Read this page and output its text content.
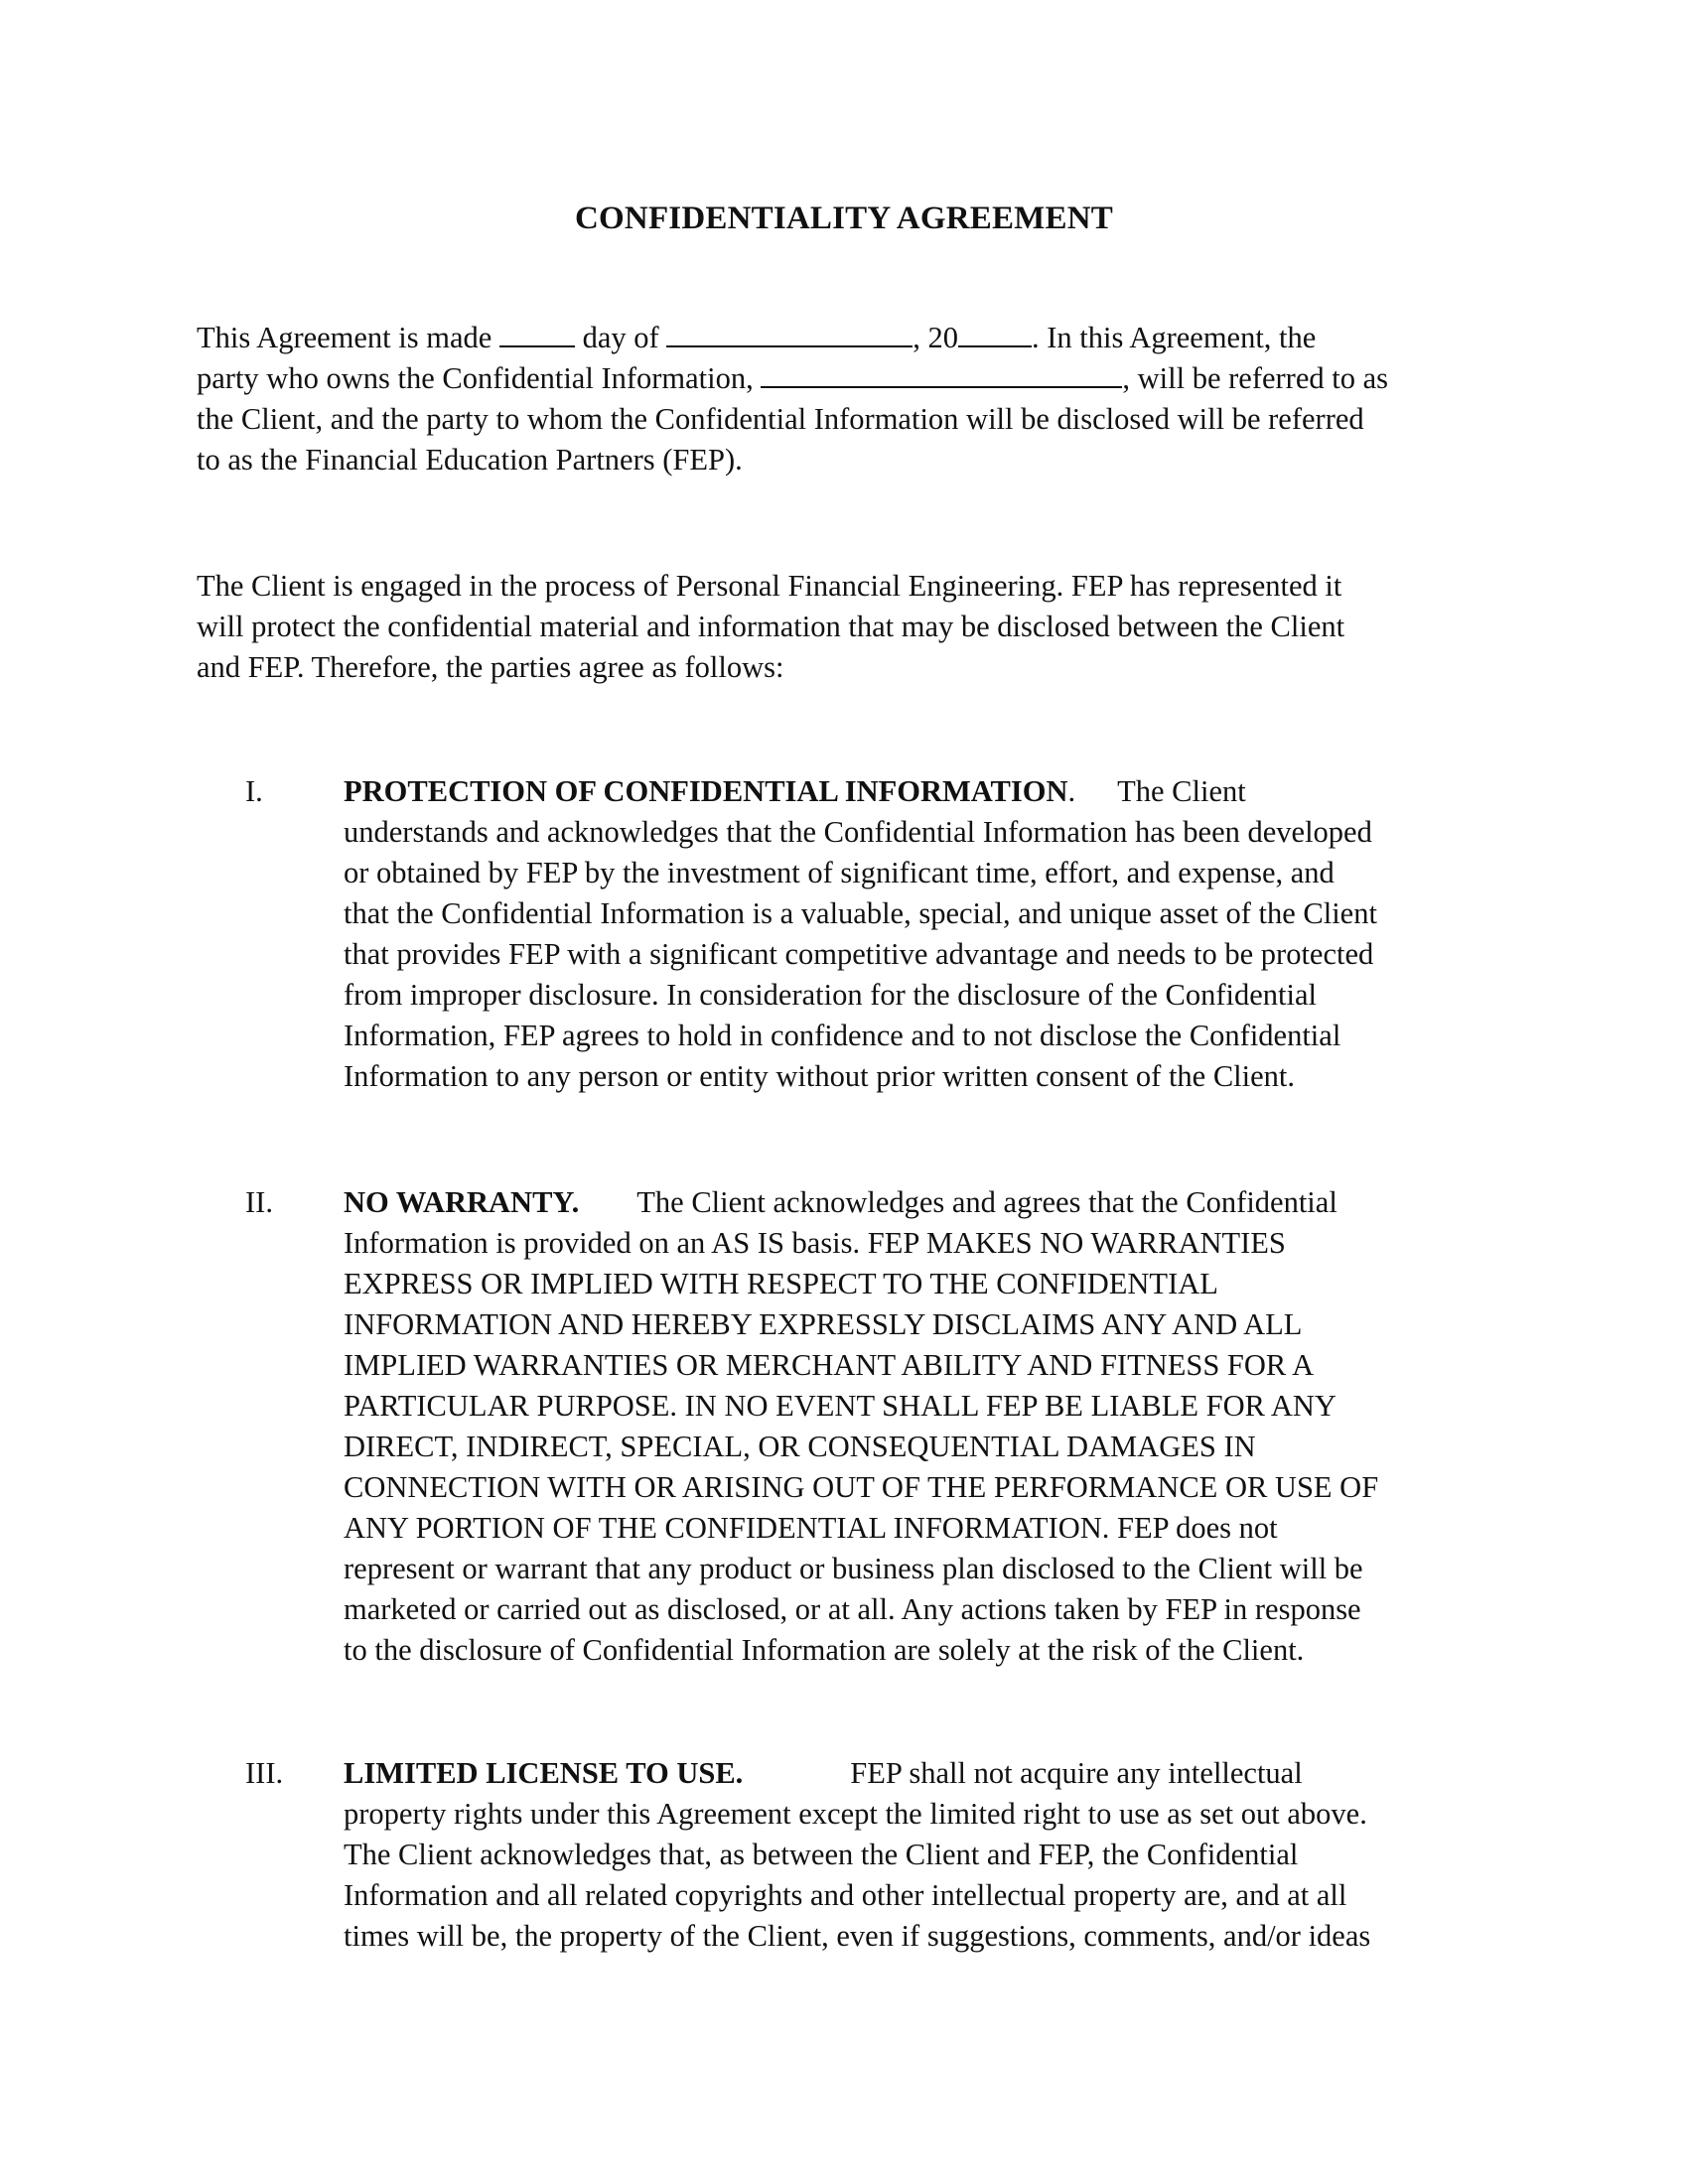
CONFIDENTIALITY AGREEMENT
This Agreement is made	day of	, 20 . In this Agreement, the
party who owns the Confidential Information,	, will be referred to as
the Client, and the party to whom the Confidential Information will be disclosed will be referred
to as the Financial Education Partners (FEP).
The Client is engaged in the process of Personal Financial Engineering. FEP has represented it
will protect the confidential material and information that may be disclosed between the Client
and FEP. Therefore, the parties agree as follows:
I.	PROTECTION OF CONFIDENTIAL INFORMATION. The Client
understands and acknowledges that the Confidential Information has been developed
or obtained by FEP by the investment of significant time, effort, and expense, and
that the Confidential Information is a valuable, special, and unique asset of the Client
that provides FEP with a significant competitive advantage and needs to be protected
from improper disclosure. In consideration for the disclosure of the Confidential
Information, FEP agrees to hold in confidence and to not disclose the Confidential
Information to any person or entity without prior written consent of the Client.
II. NO WARRANTY. The Client acknowledges and agrees that the Confidential
Information is provided on an AS IS basis. FEP MAKES NO WARRANTIES
EXPRESS OR IMPLIED WITH RESPECT TO THE CONFIDENTIAL
INFORMATION AND HEREBY EXPRESSLY DISCLAIMS ANY AND ALL
IMPLIED WARRANTIES OR MERCHANT ABILITY AND FITNESS FOR A
PARTICULAR PURPOSE. IN NO EVENT SHALL FEP BE LIABLE FOR ANY
DIRECT, INDIRECT, SPECIAL, OR CONSEQUENTIAL DAMAGES IN
CONNECTION WITH OR ARISING OUT OF THE PERFORMANCE OR USE OF
ANY PORTION OF THE CONFIDENTIAL INFORMATION. FEP does not
represent or warrant that any product or business plan disclosed to the Client will be
marketed or carried out as disclosed, or at all. Any actions taken by FEP in response
to the disclosure of Confidential Information are solely at the risk of the Client.
III. LIMITED LICENSE TO USE.	FEP shall not acquire any intellectual
property rights under this Agreement except the limited right to use as set out above.
The Client acknowledges that, as between the Client and FEP, the Confidential
Information and all related copyrights and other intellectual property are, and at all
times will be, the property of the Client, even if suggestions, comments, and/or ideas
